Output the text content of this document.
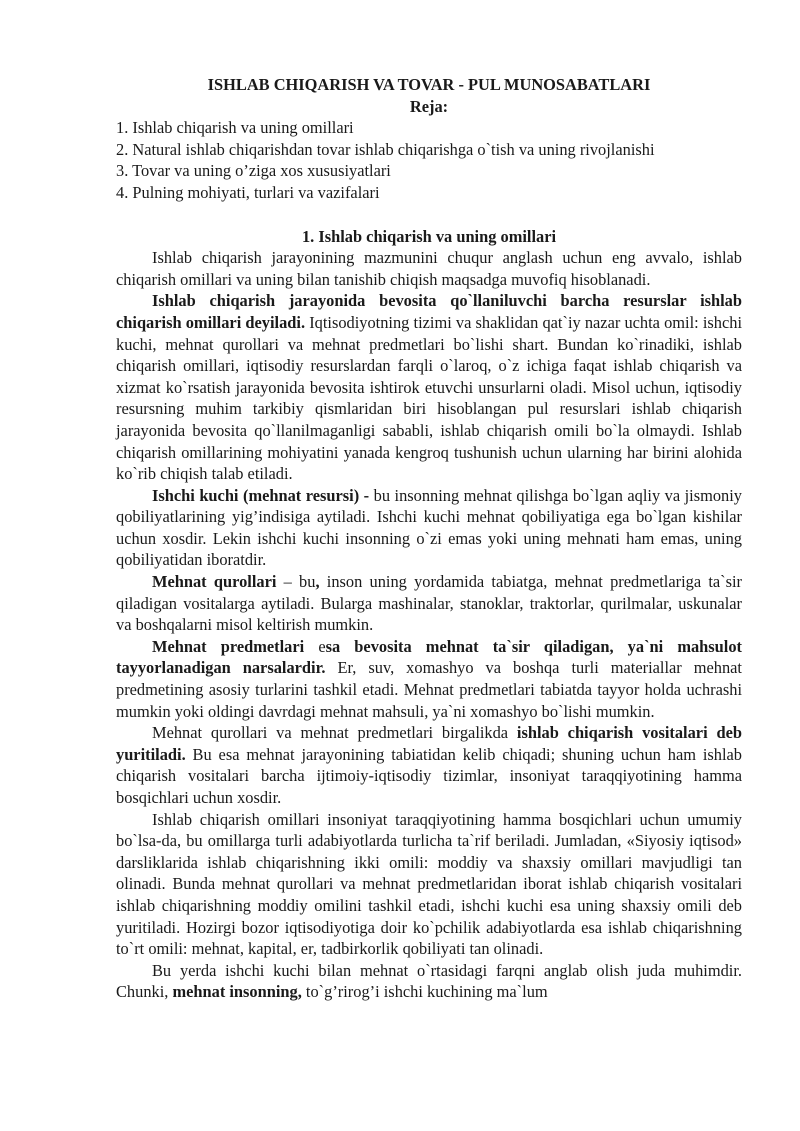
ISHLAB CHIQARISH VA TOVAR - PUL MUNOSABATLARI
Reja:
1. Ishlab chiqarish va uning omillari
2. Natural ishlab chiqarishdan tovar ishlab chiqarishga o`tish va uning rivojlanishi
3. Tovar va uning o’ziga xos xususiyatlari
4. Pulning mohiyati, turlari va vazifalari
1. Ishlab chiqarish va uning omillari

Ishlab chiqarish jarayonining mazmunini chuqur anglash uchun eng avvalo, ishlab chiqarish omillari va uning bilan tanishib chiqish maqsadga muvofiq hisoblanadi.

Ishlab chiqarish jarayonida bevosita qo`llaniluvchi barcha resurslar ishlab chiqarish omillari deyiladi. Iqtisodiyotning tizimi va shaklidan qat`iy nazar uchta omil: ishchi kuchi, mehnat qurollari va mehnat predmetlari bo`lishi shart. Bundan ko`rinadiki, ishlab chiqarish omillari, iqtisodiy resurslardan farqli o`laroq, o`z ichiga faqat ishlab chiqarish va xizmat ko`rsatish jarayonida bevosita ishtirok etuvchi unsurlarni oladi. Misol uchun, iqtisodiy resursning muhim tarkibiy qismlaridan biri hisoblangan pul resurslari ishlab chiqarish jarayonida bevosita qo`llanilmaganligi sababli, ishlab chiqarish omili bo`la olmaydi. Ishlab chiqarish omillarining mohiyatini yanada kengroq tushunish uchun ularning har birini alohida ko`rib chiqish talab etiladi.

Ishchi kuchi (mehnat resursi) - bu insonning mehnat qilishga bo`lgan aqliy va jismoniy qobiliyatlarining yig’indisiga aytiladi. Ishchi kuchi mehnat qobiliyatiga ega bo`lgan kishilar uchun xosdir. Lekin ishchi kuchi insonning o`zi emas yoki uning mehnati ham emas, uning qobiliyatidan iboratdir.

Mehnat qurollari – bu, inson uning yordamida tabiatga, mehnat predmetlariga ta`sir qiladigan vositalarga aytiladi. Bularga mashinalar, stanoklar, traktorlar, qurilmalar, uskunalar va boshqalarni misol keltirish mumkin.

Mehnat predmetlari esa bevosita mehnat ta`sir qiladigan, ya`ni mahsulot tayyorlanadigan narsalardir. Er, suv, xomashyo va boshqa turli materiallar mehnat predmetining asosiy turlarini tashkil etadi. Mehnat predmetlari tabiatda tayyor holda uchrashi mumkin yoki oldingi davrdagi mehnat mahsuli, ya`ni xomashyo bo`lishi mumkin.

Mehnat qurollari va mehnat predmetlari birgalikda ishlab chiqarish vositalari deb yuritiladi. Bu esa mehnat jarayonining tabiatidan kelib chiqadi; shuning uchun ham ishlab chiqarish vositalari barcha ijtimoiy-iqtisodiy tizimlar, insoniyat taraqqiyotining hamma bosqichlari uchun xosdir.

Ishlab chiqarish omillari insoniyat taraqqiyotining hamma bosqichlari uchun umumiy bo`lsa-da, bu omillarga turli adabiyotlarda turlicha ta`rif beriladi. Jumladan, «Siyosiy iqtisod» darsliklarida ishlab chiqarishning ikki omili: moddiy va shaxsiy omillari mavjudligi tan olinadi. Bunda mehnat qurollari va mehnat predmetlaridan iborat ishlab chiqarish vositalari ishlab chiqarishning moddiy omilini tashkil etadi, ishchi kuchi esa uning shaxsiy omili deb yuritiladi. Hozirgi bozor iqtisodiyotiga doir ko`pchilik adabiyotlarda esa ishlab chiqarishning to`rt omili: mehnat, kapital, er, tadbirkorlik qobiliyati tan olinadi.

Bu yerda ishchi kuchi bilan mehnat o`rtasidagi farqni anglab olish juda muhimdir. Chunki, mehnat insonning, to`g’rirog’i ishchi kuchining ma`lum
